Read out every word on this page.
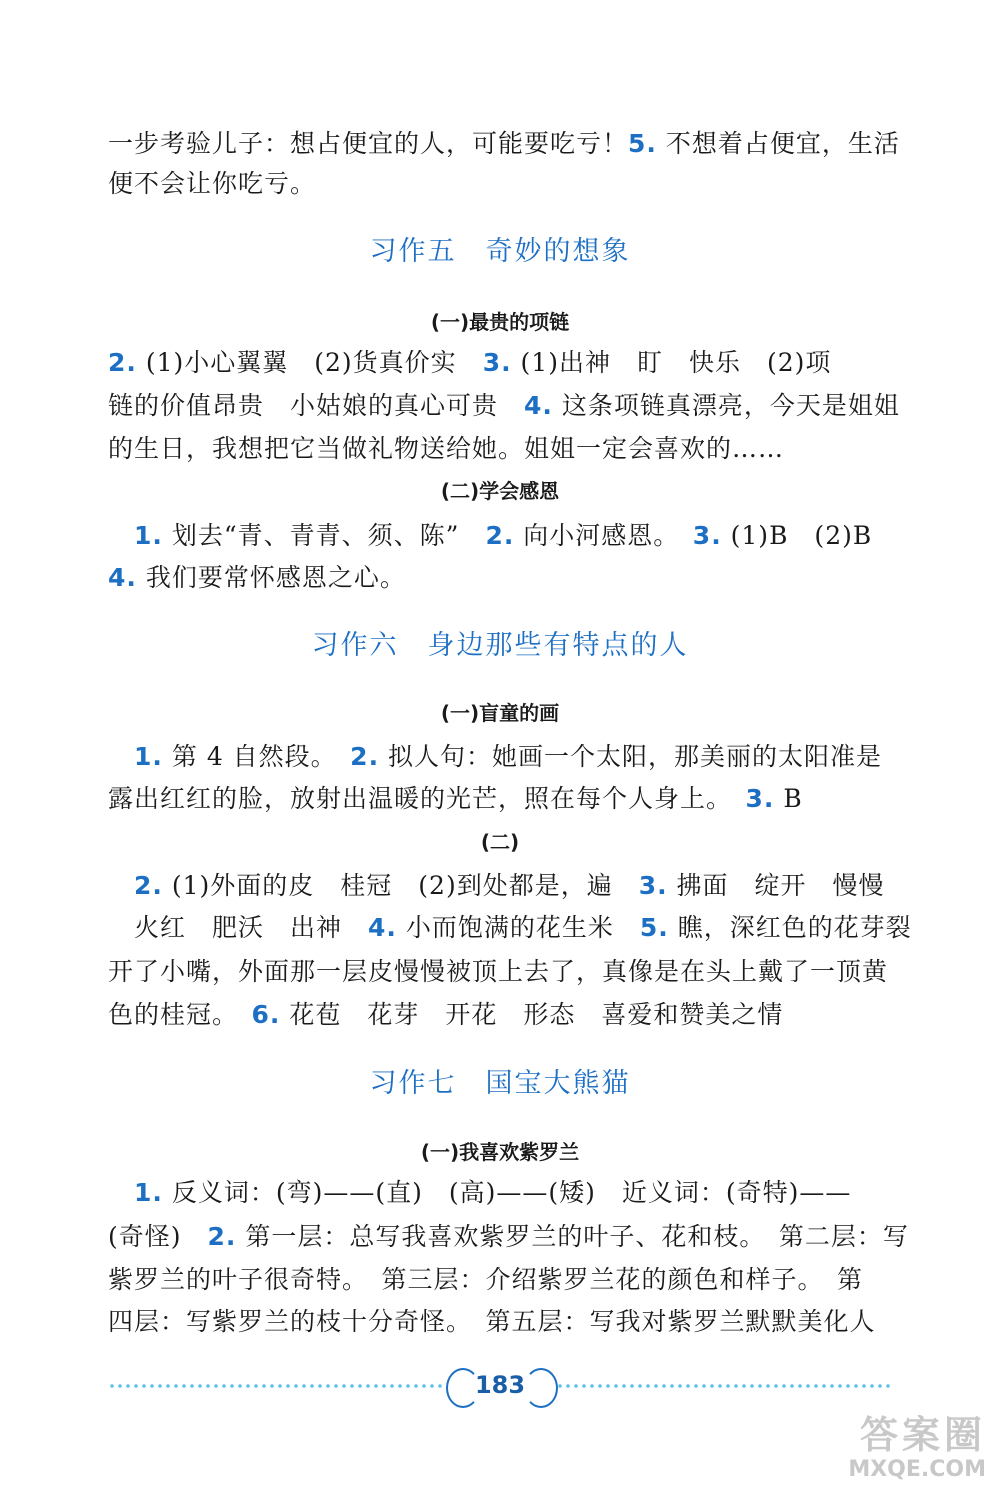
一步考验儿子：想占便宜的人，可能要吃亏！5. 不想着占便宜，生活
便不会让你吃亏。
习作五　奇妙的想象
(一)最贵的项链
2. (1)小心翼翼　(2)货真价实　3. (1)出神　盯　快乐　(2)项
链的价值昂贵　小姑娘的真心可贵　4. 这条项链真漂亮，今天是姐姐
的生日，我想把它当做礼物送给她。姐姐一定会喜欢的……
(二)学会感恩
　1. 划去“青、青青、须、陈”　2. 向小河感恩。　3. (1)B　(2)B
4. 我们要常怀感恩之心。
习作六　身边那些有特点的人
(一)盲童的画
　1. 第 4 自然段。　2. 拟人句：她画一个太阳，那美丽的太阳准是
露出红红的脸，放射出温暖的光芒，照在每个人身上。　3. B
(二)
　2. (1)外面的皮　桂冠　(2)到处都是，遍　3. 拂面　绽开　慢慢
　火红　肥沃　出神　4. 小而饱满的花生米　5. 瞧，深红色的花芽裂
开了小嘴，外面那一层皮慢慢被顶上去了，真像是在头上戴了一顶黄
色的桂冠。　6. 花苞　花芽　开花　形态　喜爱和赞美之情
习作七　国宝大熊猫
(一)我喜欢紫罗兰
　1. 反义词：(弯)——(直)　(高)——(矮)　近义词：(奇特)——
(奇怪)　2. 第一层：总写我喜欢紫罗兰的叶子、花和枝。　第二层：写
紫罗兰的叶子很奇特。　第三层：介绍紫罗兰花的颜色和样子。　第
四层：写紫罗兰的枝十分奇怪。　第五层：写我对紫罗兰默默美化人
183
答案圈
MXQE.COM
